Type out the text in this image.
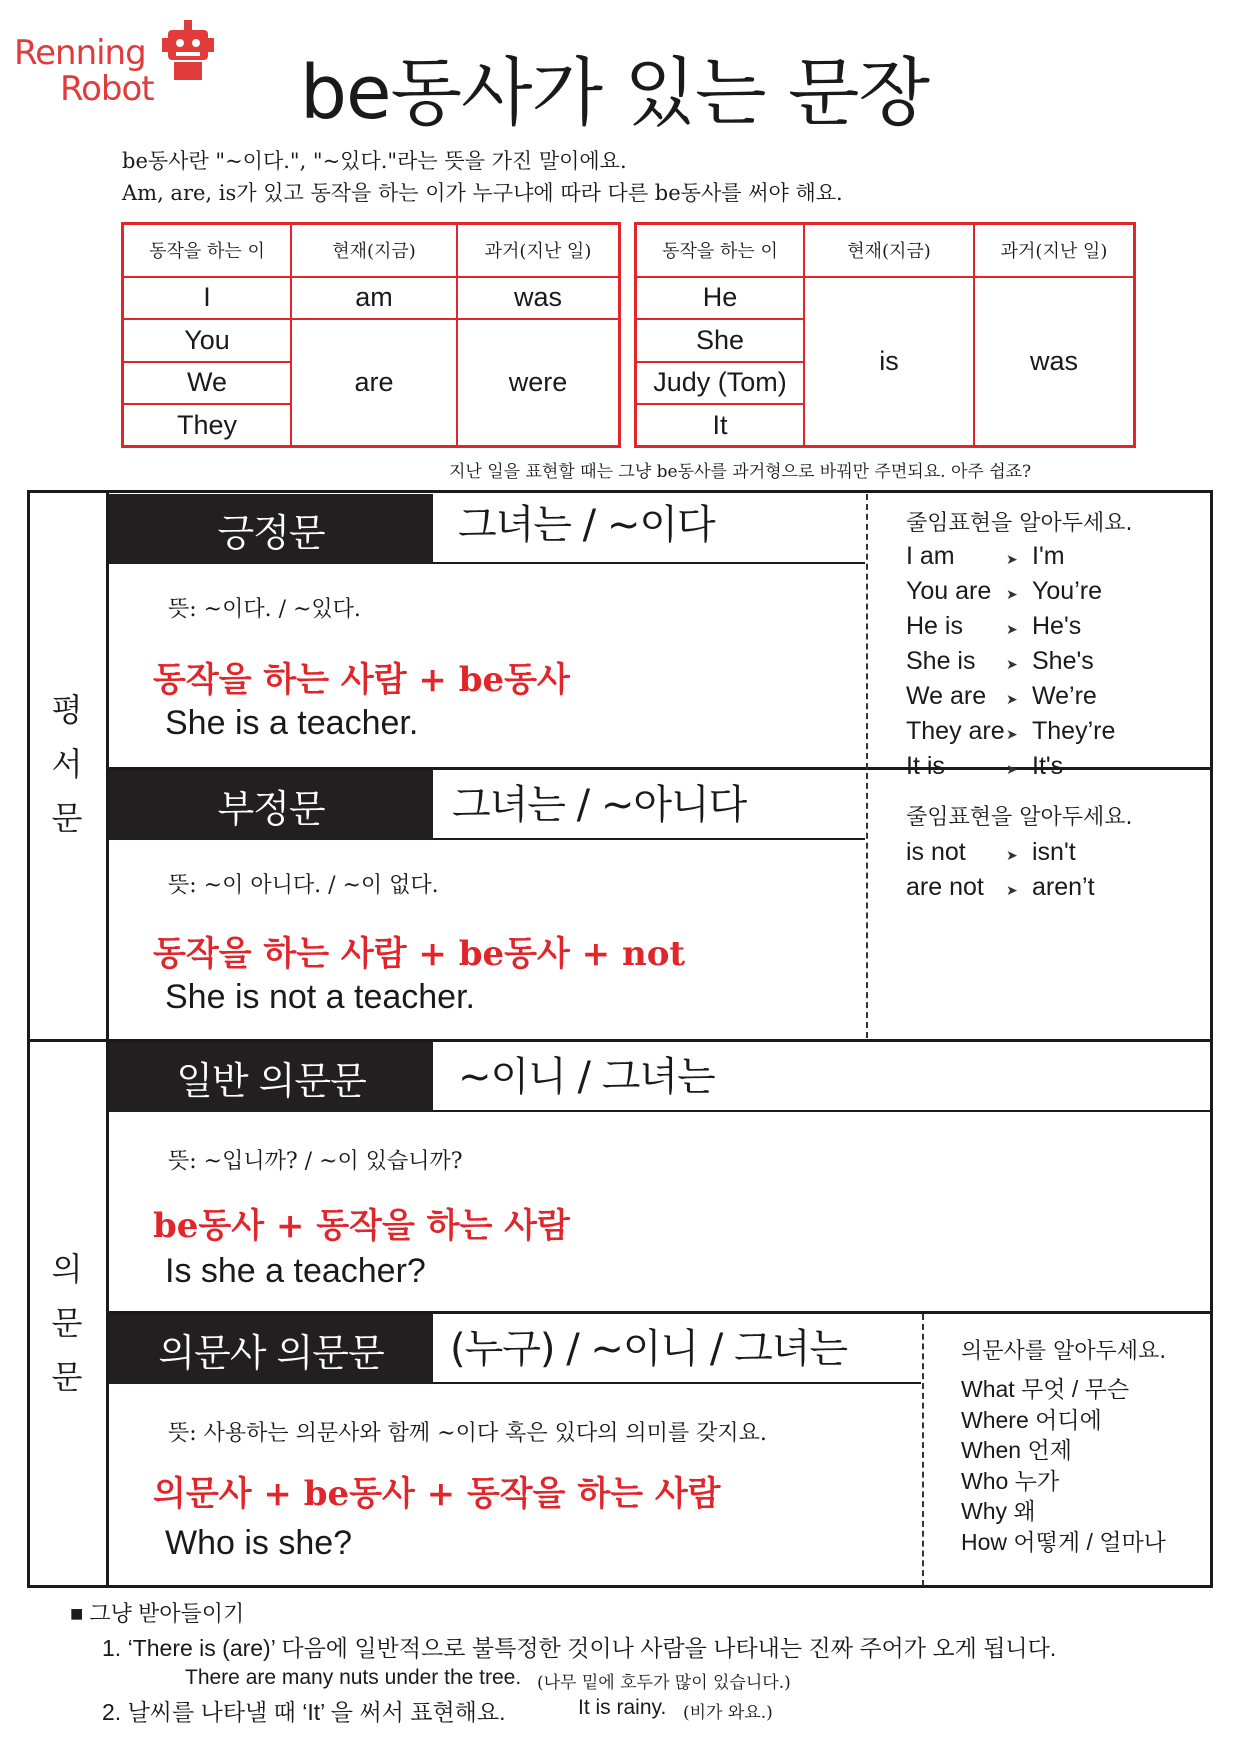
Renning
Robot be동사가 있는 문장
be동사란 "~이다.", "~있다."라는 뜻을 가진 말이에요.
Am, are, is가 있고 동작을 하는 이가 누구냐에 따라 다른 be동사를 써야 해요.
동작을 하는 이	현재(지금)	과거(지난 일)
I	am	was
You	are	were
We		
They		
동작을 하는 이	현재(지금)	과거(지난 일)
He	is	was
She		
Judy (Tom)		
It		
지난 일을 표현할 때는 그냥 be동사를 과거형으로 바꿔만 주면되요. 아주 쉽죠?
평
서
문
의
문
문
긍정문	그녀는 / ~이다
뜻: ~이다. / ~있다.
동작을 하는 사람 + be동사
She is a teacher.
줄임표현을 알아두세요.
I am	➤ I'm
You are ➤ You’re
He is	➤ He's
She is ➤ She's
We are ➤ We’re
They are➤ They’re
It is	➤ It's
부정문	그녀는 / ~아니다
뜻: ~이 아니다. / ~이 없다.
동작을 하는 사람 + be동사 + not
She is not a teacher.
줄임표현을 알아두세요.
is not	➤ isn't
are not ➤ aren’t
일반 의문문	~이니 / 그녀는
뜻: ~입니까? / ~이 있습니까?
be동사 + 동작을 하는 사람
Is she a teacher?
의문사 의문문	(누구) / ~이니 / 그녀는
뜻: 사용하는 의문사와 함께 ~이다 혹은 있다의 의미를 갖지요.
의문사 + be동사 + 동작을 하는 사람
Who is she?
의문사를 알아두세요.
What 무엇 / 무슨
Where 어디에
When 언제
Who 누가
Why 왜
How 어떻게 / 얼마나
■ 그냥 받아들이기
1. ‘There is (are)’ 다음에 일반적으로 불특정한 것이나 사람을 나타내는 진짜 주어가 오게 됩니다.
There are many nuts under the tree. (나무 밑에 호두가 많이 있습니다.)
2. 날씨를 나타낼 때 ‘It’ 을 써서 표현해요.	It is rainy. (비가 와요.)
